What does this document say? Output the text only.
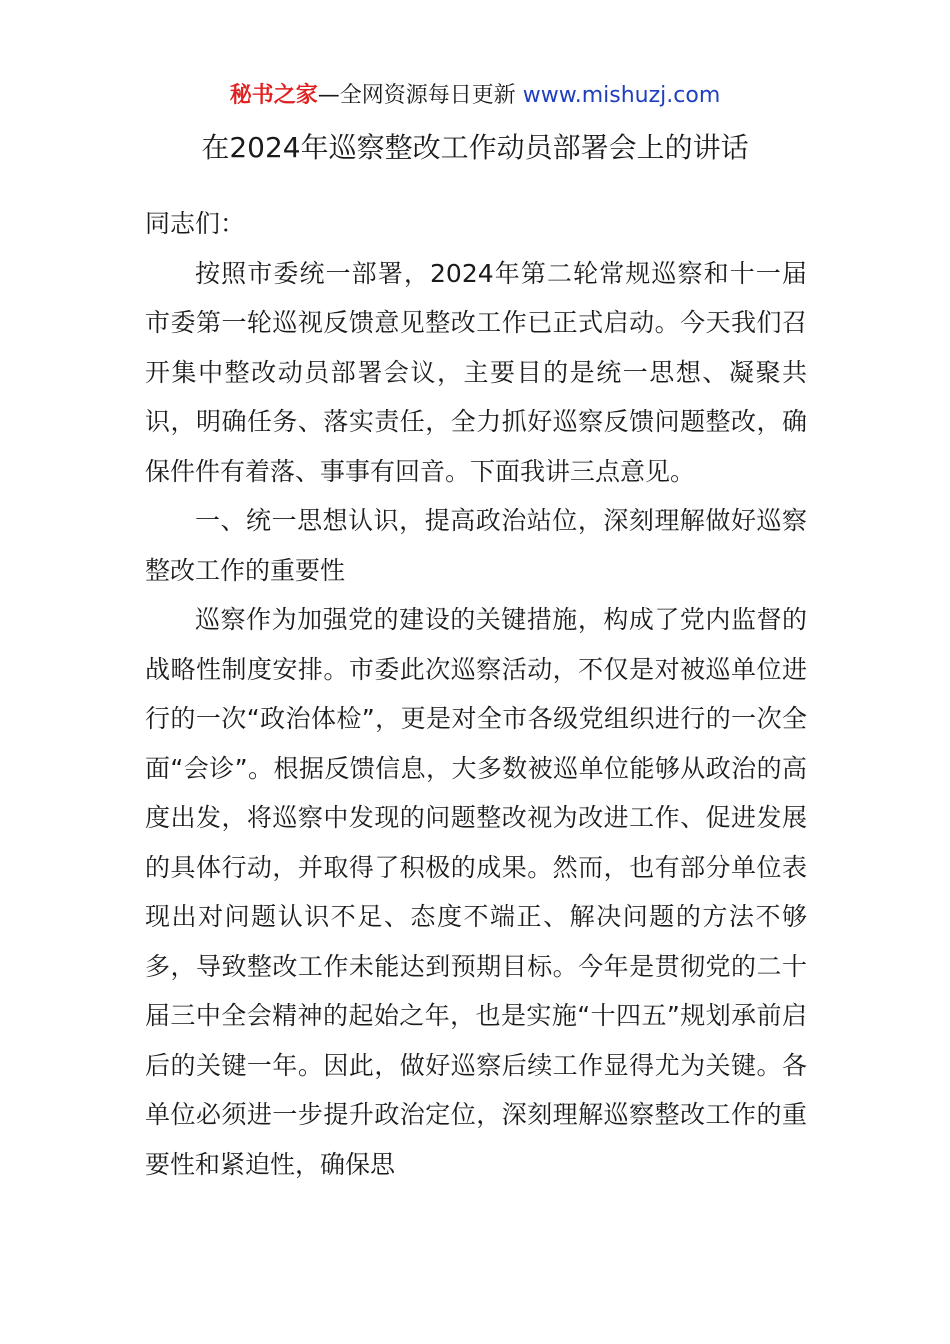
秘书之家—全网资源每日更新 www.mishuzj.com
在2024年巡察整改工作动员部署会上的讲话

同志们：

按照市委统一部署，2024年第二轮常规巡察和十一届市委第一轮巡视反馈意见整改工作已正式启动。今天我们召开集中整改动员部署会议，主要目的是统一思想、凝聚共识，明确任务、落实责任，全力抓好巡察反馈问题整改，确保件件有着落、事事有回音。下面我讲三点意见。

一、统一思想认识，提高政治站位，深刻理解做好巡察整改工作的重要性

巡察作为加强党的建设的关键措施，构成了党内监督的战略性制度安排。市委此次巡察活动，不仅是对被巡单位进行的一次“政治体检”，更是对全市各级党组织进行的一次全面“会诊”。根据反馈信息，大多数被巡单位能够从政治的高度出发，将巡察中发现的问题整改视为改进工作、促进发展的具体行动，并取得了积极的成果。然而，也有部分单位表现出对问题认识不足、态度不端正、解决问题的方法不够多，导致整改工作未能达到预期目标。今年是贯彻党的二十届三中全会精神的起始之年，也是实施“十四五”规划承前启后的关键一年。因此，做好巡察后续工作显得尤为关键。各单位必须进一步提升政治定位，深刻理解巡察整改工作的重要性和紧迫性，确保思
